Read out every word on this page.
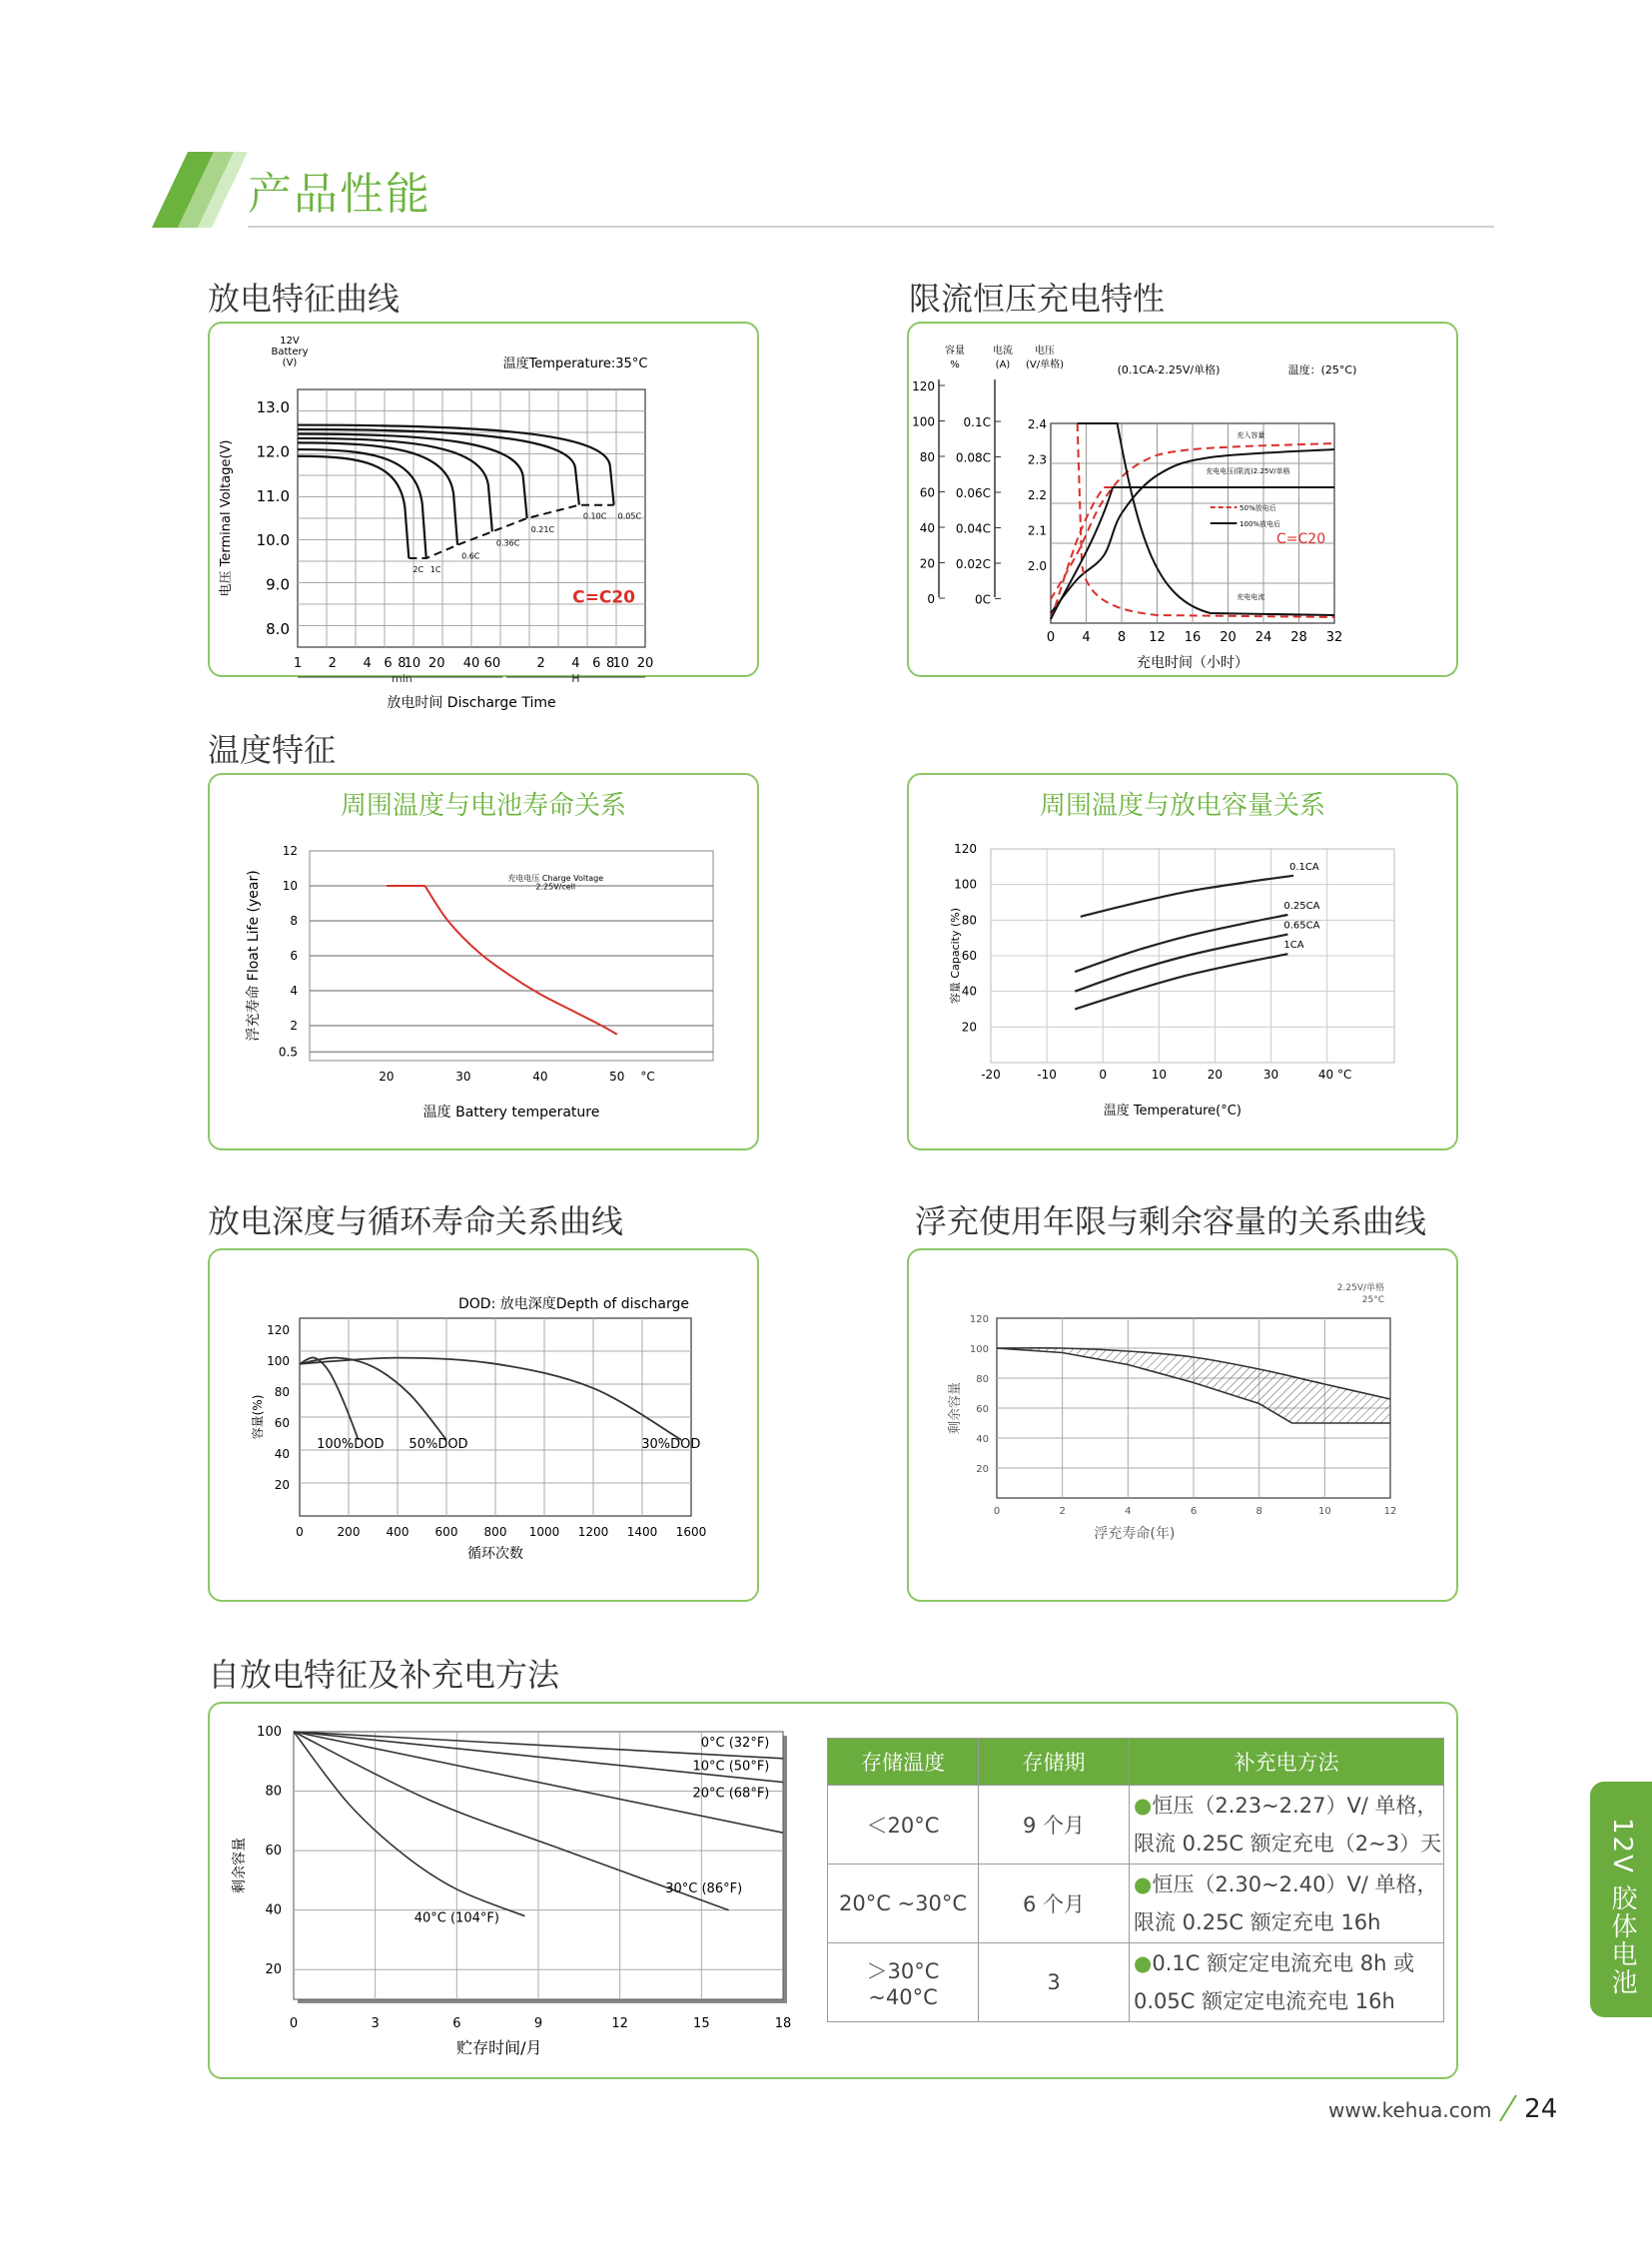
产品性能
放电特征曲线	限流恒压充电特性
温度特征
放电深度与循环寿命关系曲线	浮充使用年限与剩余容量的关系曲线
自放电特征及补充电方法
周围温度与电池寿命关系	周围温度与放电容量关系
12V
Battery
(V)	温度Temperature:35°C
13.0
12.0
11.0
10.0
9.0
8.0
电压 Terminal Voltage(V)
1 2 4 6 8
10 20 40 60	2 4 6 8
10 20
min	H
放电时间 Discharge Time
C=C20
2C 1C
0.6C
0.36C
0.21C
0.10C 0.05C
容量
%
电流
(A)
电压
(V/单格)	(0.1CA-2.25V/单格)	温度：(25°C)
120
100
80
60
40
20
0
0.1C
0.08C
0.06C
0.04C
0.02C
0C
2.4
2.3
2.2
2.1
2.0
0 4 8 12 16 20 24 28 32
充电时间（小时）
充入容量
充电电压(限流)2.25V/单格
充电电流
50%放电后
100%放电后
C=C20
12
10
8
6
4
2
0.5
20	30	40	50 °C
温度 Battery temperature
浮充寿命 Float Life (year)	充电电压 Charge Voltage
2.25V/cell
120
100
80
60
40
20
-20	-10	0	10	20	30	40 °C
温度 Temperature(°C)
容量 Capacity (%)
0.1CA
0.25CA
0.65CA
1CA
DOD: 放电深度Depth of discharge
120
100
80
60
40
20
0	200 400 600 800 1000 1200 1400 1600
循环次数
容量(%)
100%DOD 50%DOD	30%DOD
2.25V/单格
25°C
120
100
80
60
40
20
0	2	4	6	8	10	12
浮充寿命(年)
剩余容量
100
80
60
40
20
0	3	6	9	12	15	18
贮存时间/月
剩余容量
0°C (32°F)
10°C (50°F)
20°C (68°F)
30°C (86°F)
40°C (104°F)
存储温度	存储期	补充电方法
＜20°C	9 个月	●恒压（2.23~2.27）V/ 单格，
限流 0.25C 额定充电（2~3）天
20°C ~30°C	6 个月	●恒压（2.30~2.40）V/ 单格，
限流 0.25C 额定充电 16h
＞30°C ~40°C	3	●0.1C 额定定电流充电 8h 或
0.05C 额定定电流充电 16h
12V 胶体电池
www.kehua.com 24
